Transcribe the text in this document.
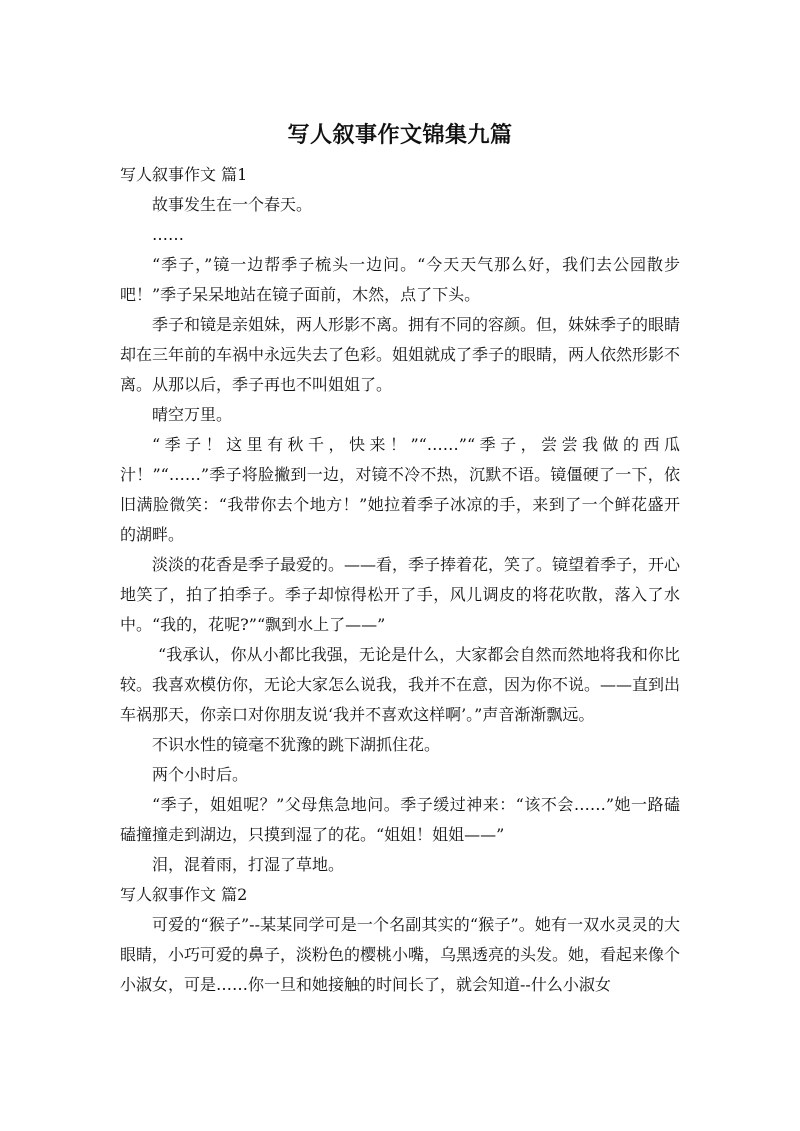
写人叙事作文锦集九篇
写人叙事作文 篇1

故事发生在一个春天。

……

“季子，”镜一边帮季子梳头一边问。“今天天气那么好，我们去公园散步吧！”季子呆呆地站在镜子面前，木然，点了下头。

季子和镜是亲姐妹，两人形影不离。拥有不同的容颜。但，妹妹季子的眼睛却在三年前的车祸中永远失去了色彩。姐姐就成了季子的眼睛，两人依然形影不离。从那以后，季子再也不叫姐姐了。

晴空万里。

“季子！这里有秋千，快来！”“……”“季子，尝尝我做的西瓜汁！”“……”季子将脸撇到一边，对镜不冷不热，沉默不语。镜僵硬了一下，依旧满脸微笑：“我带你去个地方！”她拉着季子冰凉的手，来到了一个鲜花盛开的湖畔。

淡淡的花香是季子最爱的。——看，季子捧着花，笑了。镜望着季子，开心地笑了，拍了拍季子。季子却惊得松开了手，风儿调皮的将花吹散，落入了水中。“我的，花呢?”“飘到水上了——”

“我承认，你从小都比我强，无论是什么，大家都会自然而然地将我和你比较。我喜欢模仿你，无论大家怎么说我，我并不在意，因为你不说。——直到出车祸那天，你亲口对你朋友说‘我并不喜欢这样啊’。”声音渐渐飘远。

不识水性的镜毫不犹豫的跳下湖抓住花。

两个小时后。

“季子，姐姐呢？”父母焦急地问。季子缓过神来：“该不会……”她一路磕磕撞撞走到湖边，只摸到湿了的花。“姐姐！姐姐——”

泪，混着雨，打湿了草地。

写人叙事作文 篇2

可爱的“猴子”--某某同学可是一个名副其实的“猴子”。她有一双水灵灵的大眼睛，小巧可爱的鼻子，淡粉色的樱桃小嘴，乌黑透亮的头发。她，看起来像个小淑女，可是……你一旦和她接触的时间长了，就会知道--什么小淑女
